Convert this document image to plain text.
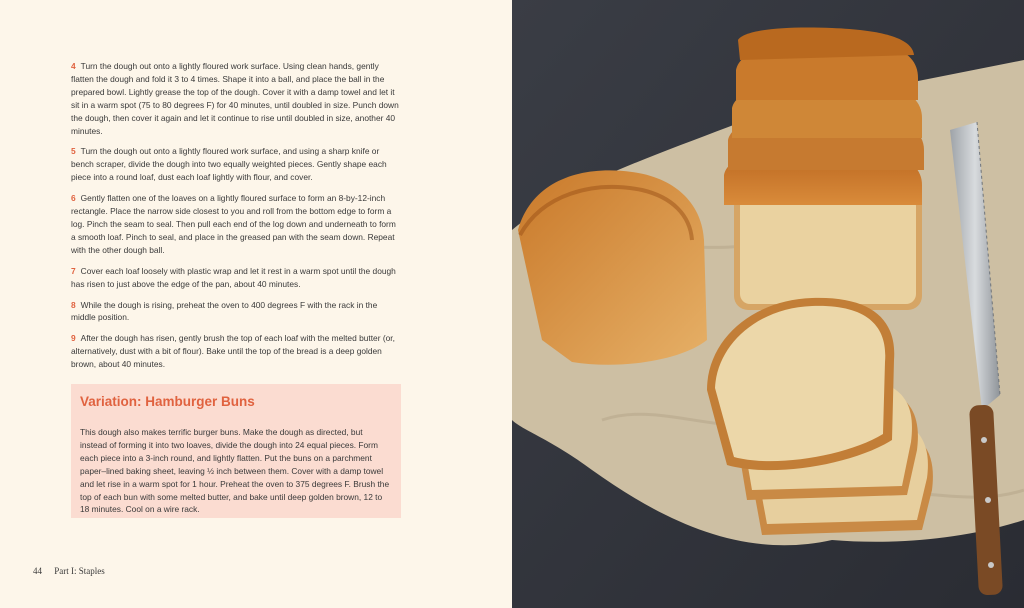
4 Turn the dough out onto a lightly floured work surface. Using clean hands, gently flatten the dough and fold it 3 to 4 times. Shape it into a ball, and place the ball in the prepared bowl. Lightly grease the top of the dough. Cover it with a damp towel and let it sit in a warm spot (75 to 80 degrees F) for 40 minutes, until doubled in size. Punch down the dough, then cover it again and let it continue to rise until doubled in size, another 40 minutes.

5 Turn the dough out onto a lightly floured work surface, and using a sharp knife or bench scraper, divide the dough into two equally weighted pieces. Gently shape each piece into a round loaf, dust each loaf lightly with flour, and cover.

6 Gently flatten one of the loaves on a lightly floured surface to form an 8-by-12-inch rectangle. Place the narrow side closest to you and roll from the bottom edge to form a log. Pinch the seam to seal. Then pull each end of the log down and underneath to form a smooth loaf. Pinch to seal, and place in the greased pan with the seam down. Repeat with the other dough ball.

7 Cover each loaf loosely with plastic wrap and let it rest in a warm spot until the dough has risen to just above the edge of the pan, about 40 minutes.

8 While the dough is rising, preheat the oven to 400 degrees F with the rack in the middle position.

9 After the dough has risen, gently brush the top of each loaf with the melted butter (or, alternatively, dust with a bit of flour). Bake until the top of the bread is a deep golden brown, about 40 minutes.

Variation: Hamburger Buns

This dough also makes terrific burger buns. Make the dough as directed, but instead of forming it into two loaves, divide the dough into 24 equal pieces. Form each piece into a 3-inch round, and lightly flatten. Put the buns on a parchment paper–lined baking sheet, leaving ½ inch between them. Cover with a damp towel and let rise in a warm spot for 1 hour. Preheat the oven to 375 degrees F. Brush the top of each bun with some melted butter, and bake until deep golden brown, 12 to 18 minutes. Cool on a wire rack.

44 Part I: Staples
